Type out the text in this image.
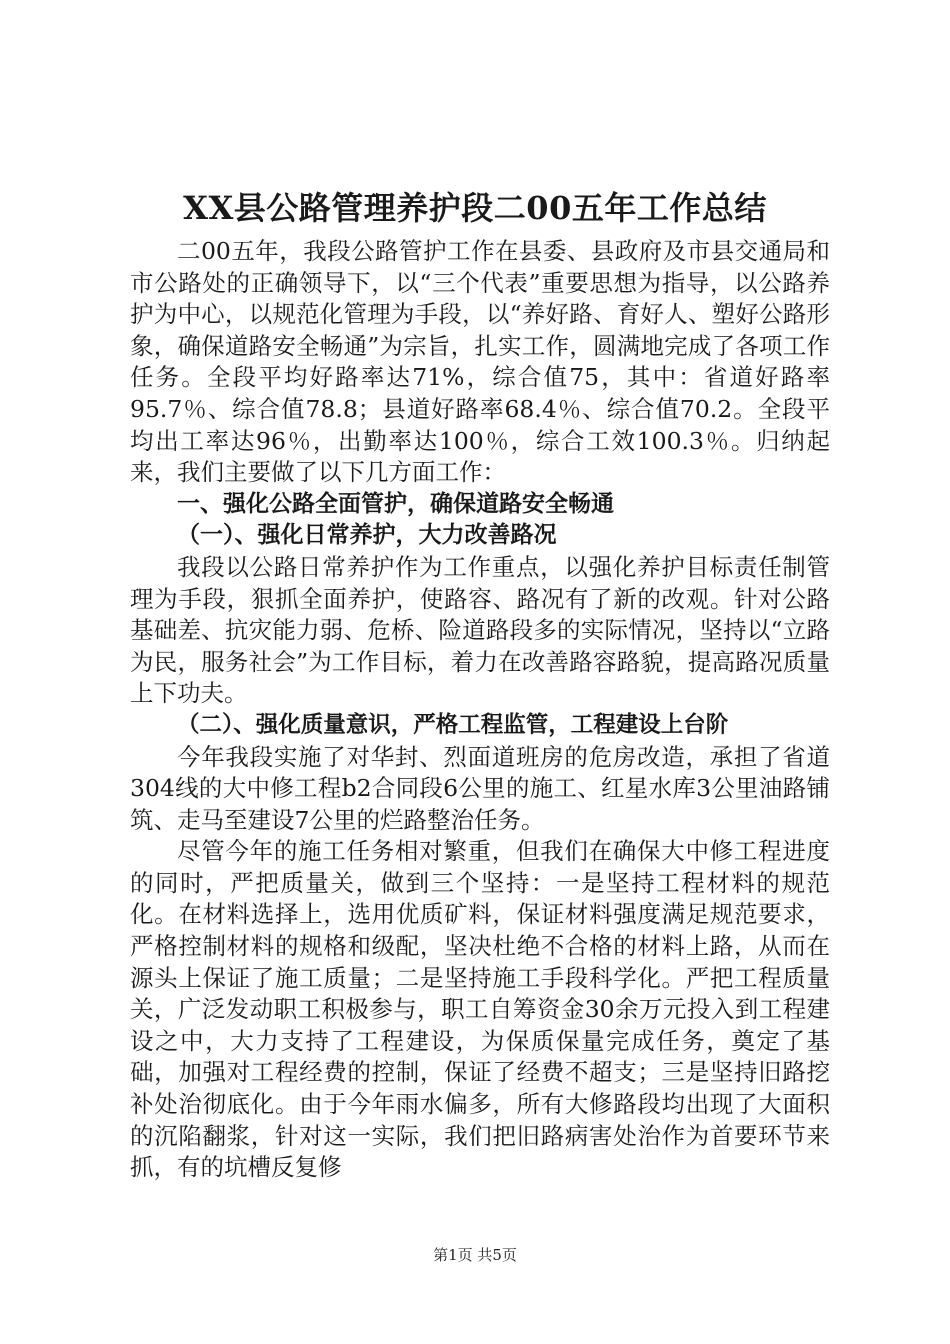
XX县公路管理养护段二00五年工作总结

二00五年，我段公路管护工作在县委、县政府及市县交通局和市公路处的正确领导下，以“三个代表”重要思想为指导，以公路养护为中心，以规范化管理为手段，以“养好路、育好人、塑好公路形象，确保道路安全畅通”为宗旨，扎实工作，圆满地完成了各项工作任务。全段平均好路率达71%，综合值75，其中：省道好路率95.7％、综合值78.8；县道好路率68.4％、综合值70.2。全段平均出工率达96％，出勤率达100％，综合工效100.3％。归纳起来，我们主要做了以下几方面工作：

一、强化公路全面管护，确保道路安全畅通

（一）、强化日常养护，大力改善路况

我段以公路日常养护作为工作重点，以强化养护目标责任制管理为手段，狠抓全面养护，使路容、路况有了新的改观。针对公路基础差、抗灾能力弱、危桥、险道路段多的实际情况，坚持以“立路为民，服务社会”为工作目标，着力在改善路容路貌，提高路况质量上下功夫。

（二）、强化质量意识，严格工程监管，工程建设上台阶

今年我段实施了对华封、烈面道班房的危房改造，承担了省道304线的大中修工程b2合同段6公里的施工、红星水库3公里油路铺筑、走马至建设7公里的烂路整治任务。

尽管今年的施工任务相对繁重，但我们在确保大中修工程进度的同时，严把质量关，做到三个坚持：一是坚持工程材料的规范化。在材料选择上，选用优质矿料，保证材料强度满足规范要求，严格控制材料的规格和级配，坚决杜绝不合格的材料上路，从而在源头上保证了施工质量；二是坚持施工手段科学化。严把工程质量关，广泛发动职工积极参与，职工自筹资金30余万元投入到工程建设之中，大力支持了工程建设，为保质保量完成任务，奠定了基础，加强对工程经费的控制，保证了经费不超支；三是坚持旧路挖补处治彻底化。由于今年雨水偏多，所有大修路段均出现了大面积的沉陷翻浆，针对这一实际，我们把旧路病害处治作为首要环节来抓，有的坑槽反复修

第1页 共5页
